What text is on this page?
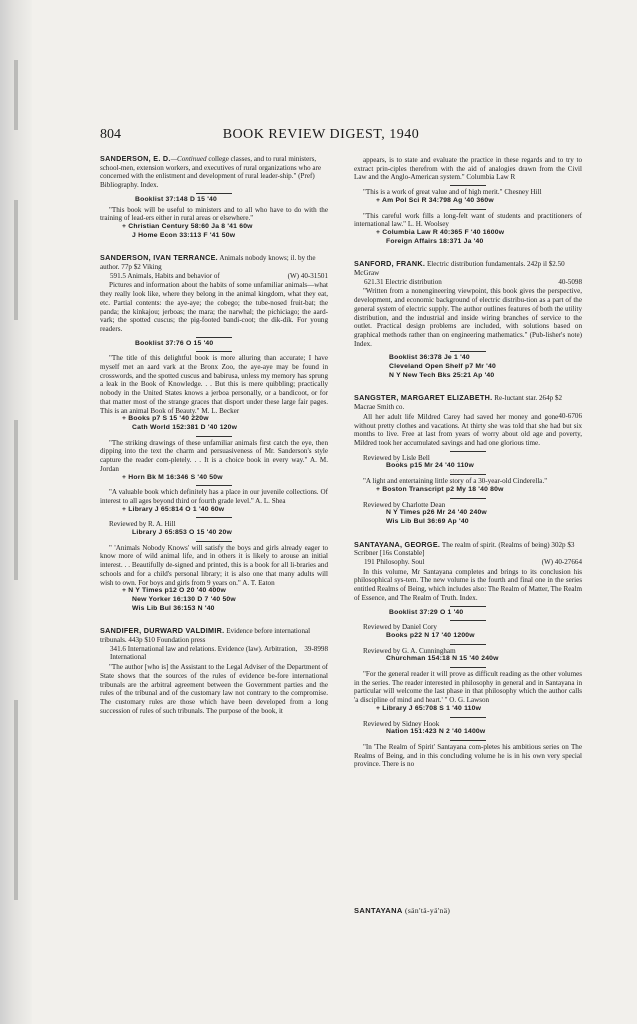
804	BOOK REVIEW DIGEST, 1940
SANDERSON, E. D.—Continued college classes, and to rural ministers, school-men, extension workers, and executives of rural organizations who are concerned with the enlistment and development of rural leader-ship." (Pref) Bibliography. Index.
Booklist 37:148 D 15 '40
"This book will be useful to ministers and to all who have to do with the training of lead-ers either in rural areas or elsewhere."
+ Christian Century 58:60 Ja 8 '41 60w
J Home Econ 33:113 F '41 50w
SANDERSON, IVAN TERRANCE. Animals nobody knows; il. by the author. 77p $2 Viking
(W) 40-31501
591.5 Animals, Habits and behavior of
Pictures and information about the habits of some unfamiliar animals—what they really look like, where they belong in the animal kingdom, what they eat, etc. Partial contents: the aye-aye; the cobego; the tube-nosed fruit-bat; the panda; the kinkajou; jerboas; the mara; the narwhal; the pichiciago; the aard-vark; the spotted cuscus; the pig-footed bandi-coot; the dik-dik. For young readers.
Booklist 37:76 O 15 '40
"The title of this delightful book is more alluring than accurate; I have myself met an aard vark at the Bronx Zoo, the aye-aye may be found in crosswords, and the spotted cuscus and babirusa, unless my memory has sprung a leak in the Book of Knowledge. . . But this is mere quibbling; practically nobody in the United States knows a jerboa personally, or a bandicoot, or for that matter most of the strange graces that disport under these large fair pages. This is an animal Book of Beauty." M. L. Becker
+ Books p7 S 15 '40 220w
Cath World 152:381 D '40 120w
"The striking drawings of these unfamiliar animals first catch the eye, then dipping into the text the charm and persuasiveness of Mr. Sanderson's style capture the reader com-pletely. . . It is a choice book in every way." A. M. Jordan
+ Horn Bk M 16:346 S '40 50w
"A valuable book which definitely has a place in our juvenile collections. Of interest to all ages beyond third or fourth grade level." A. L. Shea
+ Library J 65:814 O 1 '40 60w
Reviewed by R. A. Hill
Library J 65:853 O 15 '40 20w
" 'Animals Nobody Knows' will satisfy the boys and girls already eager to know more of wild animal life, and in others it is likely to arouse an initial interest. . . Beautifully de-signed and printed, this is a book for all li-braries and schools and for a child's personal library; it is also one that many adults will wish to own. For boys and girls from 9 years on." A. T. Eaton
+ N Y Times p12 O 20 '40 400w
New Yorker 16:130 D 7 '40 50w
Wis Lib Bul 36:153 N '40
SANDIFER, DURWARD VALDIMIR. Evidence before international tribunals. 443p $10 Foundation press
39-8998
341.6 International law and relations. Evidence (law). Arbitration, International
"The author [who is] the Assistant to the Legal Adviser of the Department of State shows that the sources of the rules of evidence be-fore international tribunals are the arbitral agreement between the Government parties and the rules of the tribunal and of the customary law not contrary to the compromise. The customary rules are those which have been developed from a long succession of rules of such tribunals. The purpose of the book, it
appears, is to state and evaluate the practice in these regards and to try to extract prin-ciples therefrom with the aid of analogies drawn from the Civil Law and the Anglo-American system." Columbia Law R
"This is a work of great value and of high merit." Chesney Hill
+ Am Pol Sci R 34:798 Ag '40 360w
"This careful work fills a long-felt want of students and practitioners of international law." L. H. Woolsey
+ Columbia Law R 40:365 F '40 1600w
Foreign Affairs 18:371 Ja '40
SANFORD, FRANK. Electric distribution fundamentals. 242p il $2.50 McGraw
40-5098
621.31 Electric distribution
"Written from a nonengineering viewpoint, this book gives the perspective, development, and economic background of electric distribu-tion as a part of the general system of electric supply. The author outlines features of both the utility distribution, and the industrial and inside wiring branches of service to the outlet. Practical design problems are included, with solutions based on graphical methods rather than on engineering mathematics." (Pub-lisher's note) Index.
Booklist 36:378 Je 1 '40
Cleveland Open Shelf p7 Mr '40
N Y New Tech Bks 25:21 Ap '40
SANGSTER, MARGARET ELIZABETH. Re-luctant star. 264p $2 Macrae Smith co.
40-6706
All her adult life Mildred Carey had saved her money and gone without pretty clothes and vacations. At thirty she was told that she had but six months to live. Free at last from years of worry about old age and poverty, Mildred took her accumulated savings and had one glorious time.
Reviewed by Lisle Bell
Books p15 Mr 24 '40 110w
"A light and entertaining little story of a 30-year-old Cinderella."
+ Boston Transcript p2 My 18 '40 80w
Reviewed by Charlotte Dean
N Y Times p26 Mr 24 '40 240w
Wis Lib Bul 36:69 Ap '40
SANTAYANA, GEORGE. The realm of spirit. (Realms of being) 302p $3 Scribner [16s Constable]
(W) 40-27664
191 Philosophy. Soul
In this volume, Mr Santayana completes and brings to its conclusion his philosophical sys-tem. The new volume is the fourth and final one in the series entitled Realms of Being, which includes also: The Realm of Matter, The Realm of Essence, and The Realm of Truth. Index.
Booklist 37:29 O 1 '40
Reviewed by Daniel Cory
Books p22 N 17 '40 1200w
Reviewed by G. A. Cunningham
Churchman 154:18 N 15 '40 240w
"For the general reader it will prove as difficult reading as the other volumes in the series. The reader interested in philosophy in general and in Santayana in particular will welcome the last phase in that philosophy which the author calls 'a discipline of mind and heart.' " O. G. Lawson
+ Library J 65:708 S 1 '40 110w
Reviewed by Sidney Hook
Nation 151:423 N 2 '40 1400w
"In 'The Realm of Spirit' Santayana com-pletes his ambitious series on The Realms of Being, and in this concluding volume he is in his own very special province. There is no
SANTAYANA (sän'tä-yä'nä)
